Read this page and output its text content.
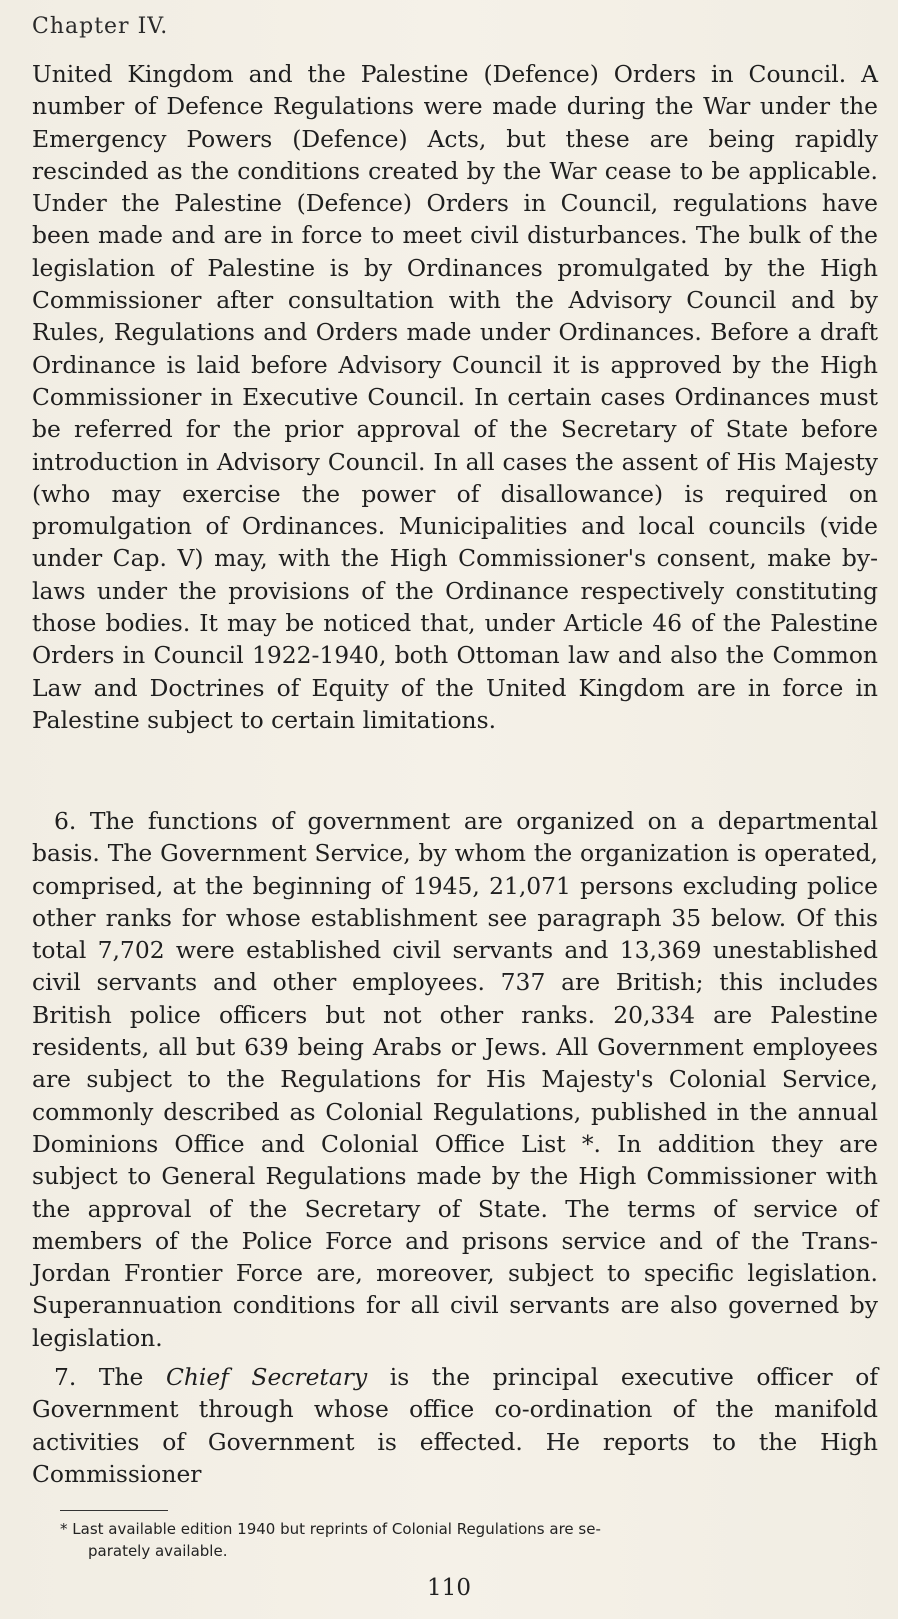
Chapter IV.
United Kingdom and the Palestine (Defence) Orders in Council. A number of Defence Regulations were made during the War under the Emergency Powers (Defence) Acts, but these are being rapidly rescinded as the conditions created by the War cease to be applicable. Under the Palestine (Defence) Orders in Council, regulations have been made and are in force to meet civil disturbances. The bulk of the legislation of Palestine is by Ordinances promulgated by the High Commissioner after consultation with the Advisory Council and by Rules, Regulations and Orders made under Ordinances. Before a draft Ordinance is laid before Advisory Council it is approved by the High Commissioner in Executive Council. In certain cases Ordinances must be referred for the prior approval of the Secretary of State before introduction in Advisory Council. In all cases the assent of His Majesty (who may exercise the power of disallowance) is required on promulgation of Ordinances. Municipalities and local councils (vide under Cap. V) may, with the High Commissioner's consent, make by-laws under the provisions of the Ordinance respectively constituting those bodies. It may be noticed that, under Article 46 of the Palestine Orders in Council 1922-1940, both Ottoman law and also the Common Law and Doctrines of Equity of the United Kingdom are in force in Palestine subject to certain limitations.
6. The functions of government are organized on a departmental basis. The Government Service, by whom the organization is operated, comprised, at the beginning of 1945, 21,071 persons excluding police other ranks for whose establishment see paragraph 35 below. Of this total 7,702 were established civil servants and 13,369 unestablished civil servants and other employees. 737 are British; this includes British police officers but not other ranks. 20,334 are Palestine residents, all but 639 being Arabs or Jews. All Government employees are subject to the Regulations for His Majesty's Colonial Service, commonly described as Colonial Regulations, published in the annual Dominions Office and Colonial Office List *. In addition they are subject to General Regulations made by the High Commissioner with the approval of the Secretary of State. The terms of service of members of the Police Force and prisons service and of the Trans-Jordan Frontier Force are, moreover, subject to specific legislation. Superannuation conditions for all civil servants are also governed by legislation.
7. The Chief Secretary is the principal executive officer of Government through whose office co-ordination of the manifold activities of Government is effected. He reports to the High Commissioner
* Last available edition 1940 but reprints of Colonial Regulations are se-
parately available.
110
